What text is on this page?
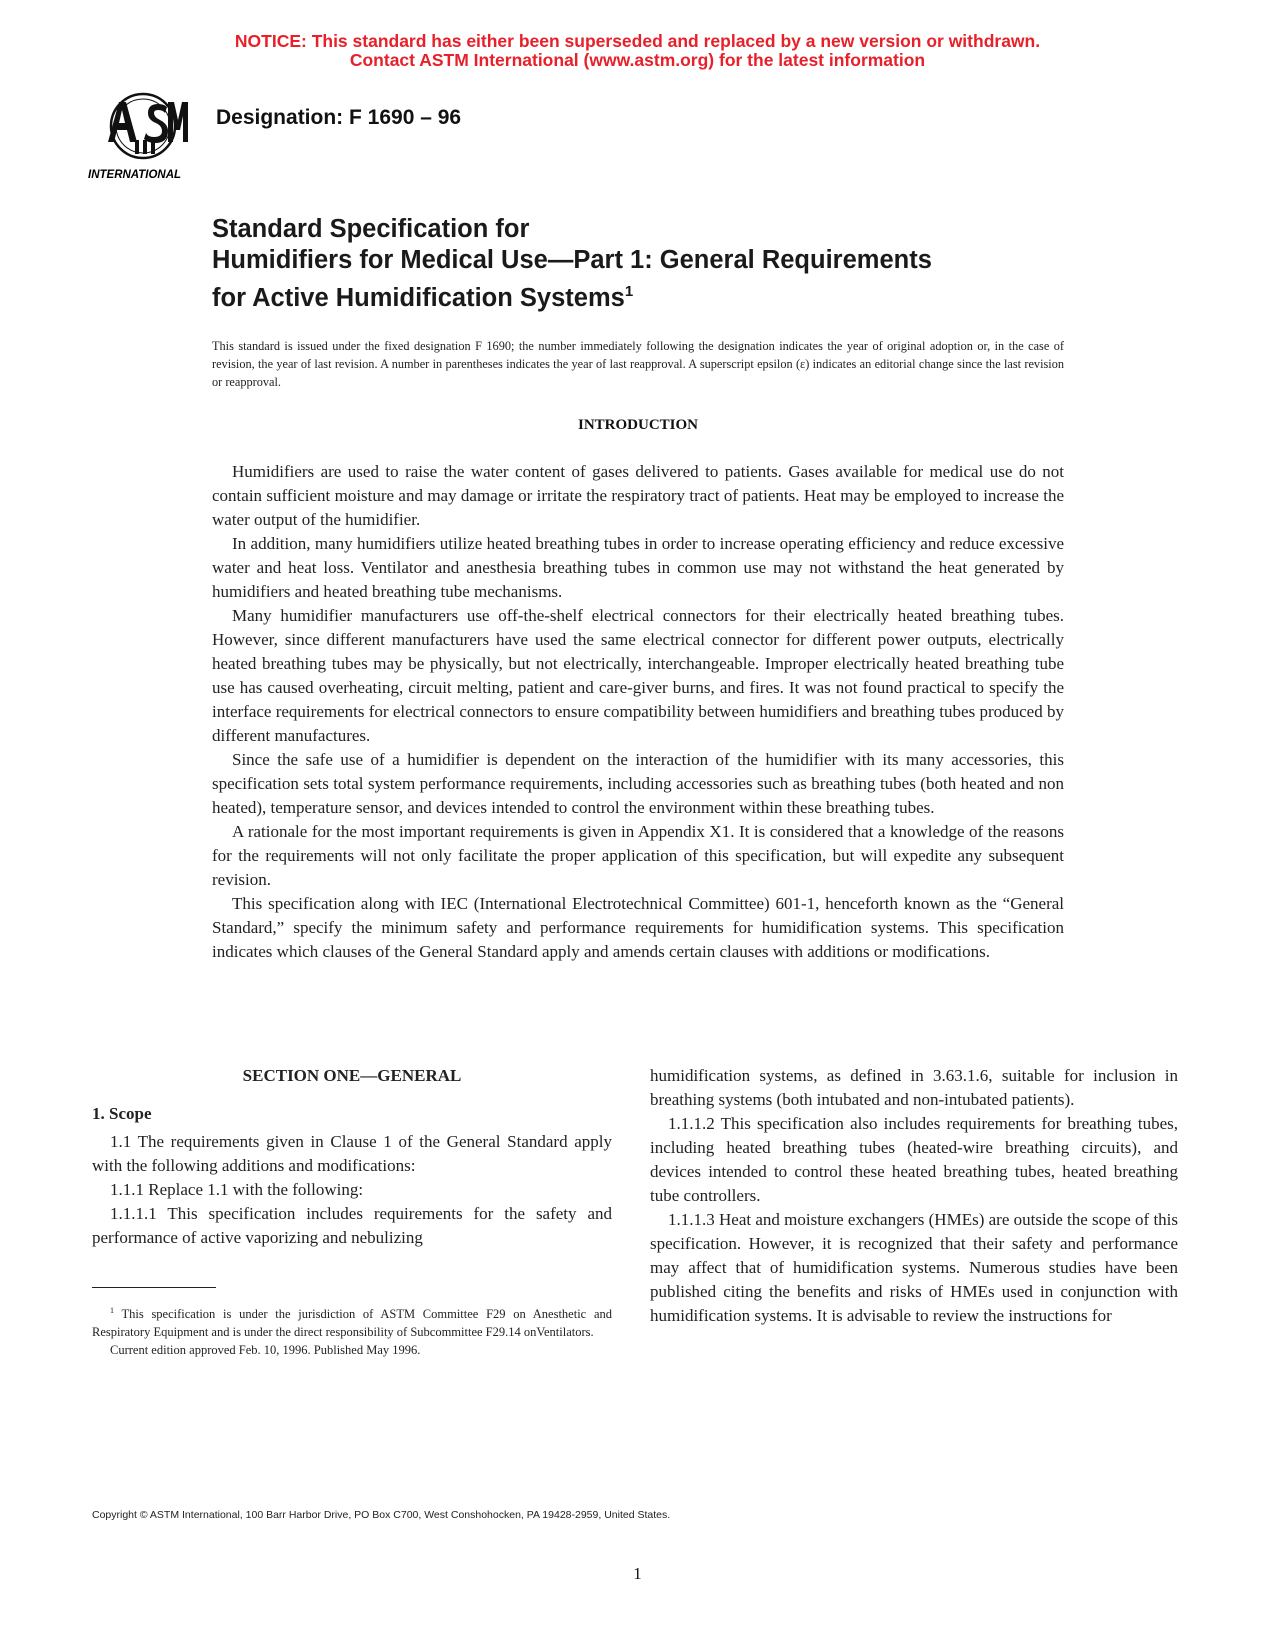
NOTICE: This standard has either been superseded and replaced by a new version or withdrawn.
Contact ASTM International (www.astm.org) for the latest information
INTERNATIONAL
Designation: F 1690 – 96
Standard Specification for
Humidifiers for Medical Use—Part 1: General Requirements
for Active Humidification Systems$^1$
This standard is issued under the fixed designation F 1690; the number immediately following the designation indicates the year of original adoption or, in the case of revision, the year of last revision. A number in parentheses indicates the year of last reapproval. A superscript epsilon (ε) indicates an editorial change since the last revision or reapproval.
INTRODUCTION

Humidifiers are used to raise the water content of gases delivered to patients. Gases available for medical use do not contain sufficient moisture and may damage or irritate the respiratory tract of patients. Heat may be employed to increase the water output of the humidifier.

In addition, many humidifiers utilize heated breathing tubes in order to increase operating efficiency and reduce excessive water and heat loss. Ventilator and anesthesia breathing tubes in common use may not withstand the heat generated by humidifiers and heated breathing tube mechanisms.

Many humidifier manufacturers use off-the-shelf electrical connectors for their electrically heated breathing tubes. However, since different manufacturers have used the same electrical connector for different power outputs, electrically heated breathing tubes may be physically, but not electrically, interchangeable. Improper electrically heated breathing tube use has caused overheating, circuit melting, patient and care-giver burns, and fires. It was not found practical to specify the interface requirements for electrical connectors to ensure compatibility between humidifiers and breathing tubes produced by different manufactures.

Since the safe use of a humidifier is dependent on the interaction of the humidifier with its many accessories, this specification sets total system performance requirements, including accessories such as breathing tubes (both heated and non heated), temperature sensor, and devices intended to control the environment within these breathing tubes.

A rationale for the most important requirements is given in Appendix X1. It is considered that a knowledge of the reasons for the requirements will not only facilitate the proper application of this specification, but will expedite any subsequent revision.

This specification along with IEC (International Electrotechnical Committee) 601-1, henceforth known as the “General Standard,” specify the minimum safety and performance requirements for humidification systems. This specification indicates which clauses of the General Standard apply and amends certain clauses with additions or modifications.

SECTION ONE—GENERAL
1. Scope

1.1 The requirements given in Clause 1 of the General Standard apply with the following additions and modifications:

1.1.1 Replace 1.1 with the following:

1.1.1.1 This specification includes requirements for the safety and performance of active vaporizing and nebulizing

humidification systems, as defined in 3.63.1.6, suitable for inclusion in breathing systems (both intubated and non-intubated patients).

1.1.1.2 This specification also includes requirements for breathing tubes, including heated breathing tubes (heated-wire breathing circuits), and devices intended to control these heated breathing tubes, heated breathing tube controllers.

1.1.1.3 Heat and moisture exchangers (HMEs) are outside the scope of this specification. However, it is recognized that their safety and performance may affect that of humidification systems. Numerous studies have been published citing the benefits and risks of HMEs used in conjunction with humidification systems. It is advisable to review the instructions for

$^1$ This specification is under the jurisdiction of ASTM Committee F29 on Anesthetic and Respiratory Equipment and is under the direct responsibility of Subcommittee F29.14 onVentilators.

Current edition approved Feb. 10, 1996. Published May 1996.

Copyright © ASTM International, 100 Barr Harbor Drive, PO Box C700, West Conshohocken, PA 19428-2959, United States.
1
